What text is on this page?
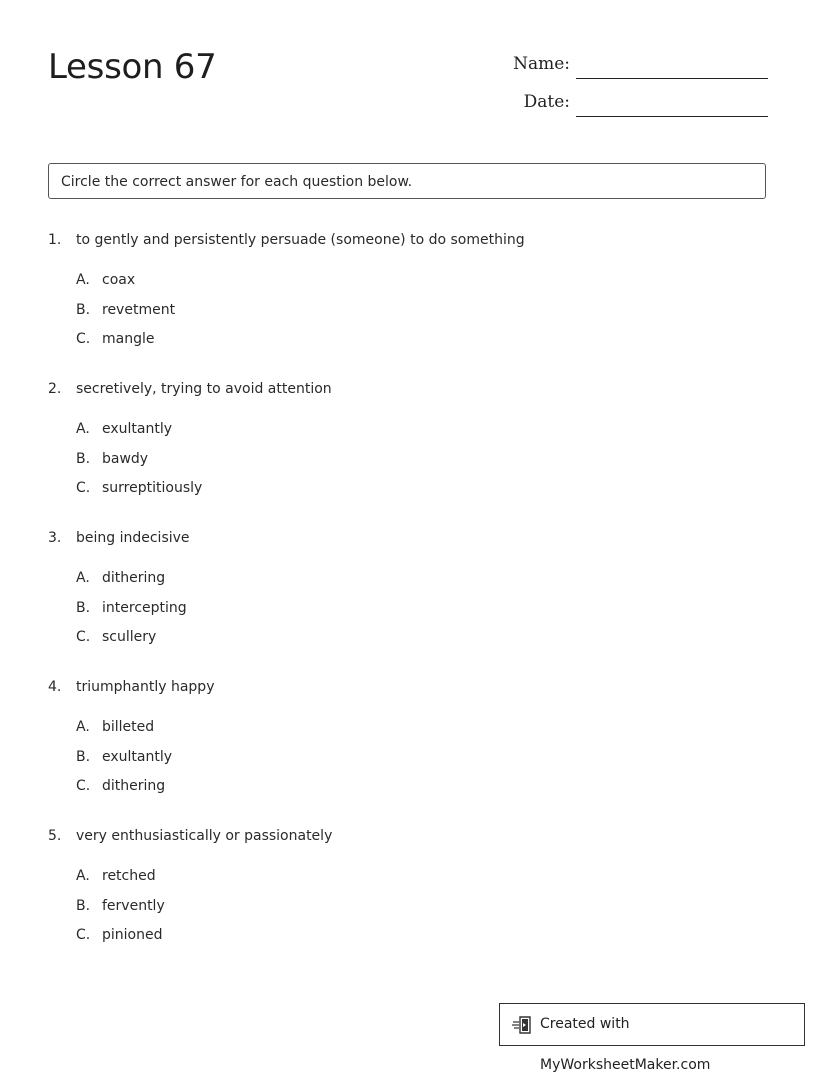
Lesson 67	Name:
Date:
Circle the correct answer for each question below.
1. to gently and persistently persuade (someone) to do something
A. coax
B. revetment
C. mangle
2. secretively, trying to avoid attention
A. exultantly
B. bawdy
C. surreptitiously
3. being indecisive
A. dithering
B. intercepting
C. scullery
4. triumphantly happy
A. billeted
B. exultantly
C. dithering
5. very enthusiastically or passionately
A. retched
B. fervently
C. pinioned
Created with MyWorksheetMaker.com
